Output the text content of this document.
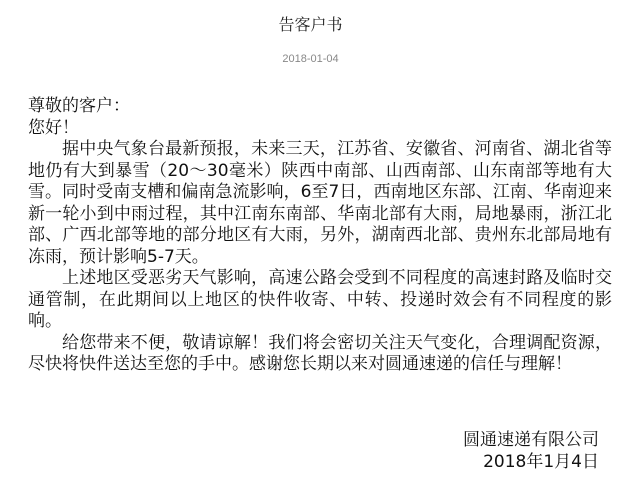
告客户书
2018-01-04

尊敬的客户：

您好！

据中央气象台最新预报，未来三天，江苏省、安徽省、河南省、湖北省等地仍有大到暴雪（20～30毫米）陕西中南部、山西南部、山东南部等地有大雪。同时受南支槽和偏南急流影响，6至7日，西南地区东部、江南、华南迎来新一轮小到中雨过程，其中江南东南部、华南北部有大雨，局地暴雨，浙江北部、广西北部等地的部分地区有大雨，另外，湖南西北部、贵州东北部局地有冻雨，预计影响5-7天。

上述地区受恶劣天气影响，高速公路会受到不同程度的高速封路及临时交通管制，在此期间以上地区的快件收寄、中转、投递时效会有不同程度的影响。

给您带来不便，敬请谅解！我们将会密切关注天气变化，合理调配资源，尽快将快件送达至您的手中。感谢您长期以来对圆通速递的信任与理解！

圆通速递有限公司
2018年1月4日
